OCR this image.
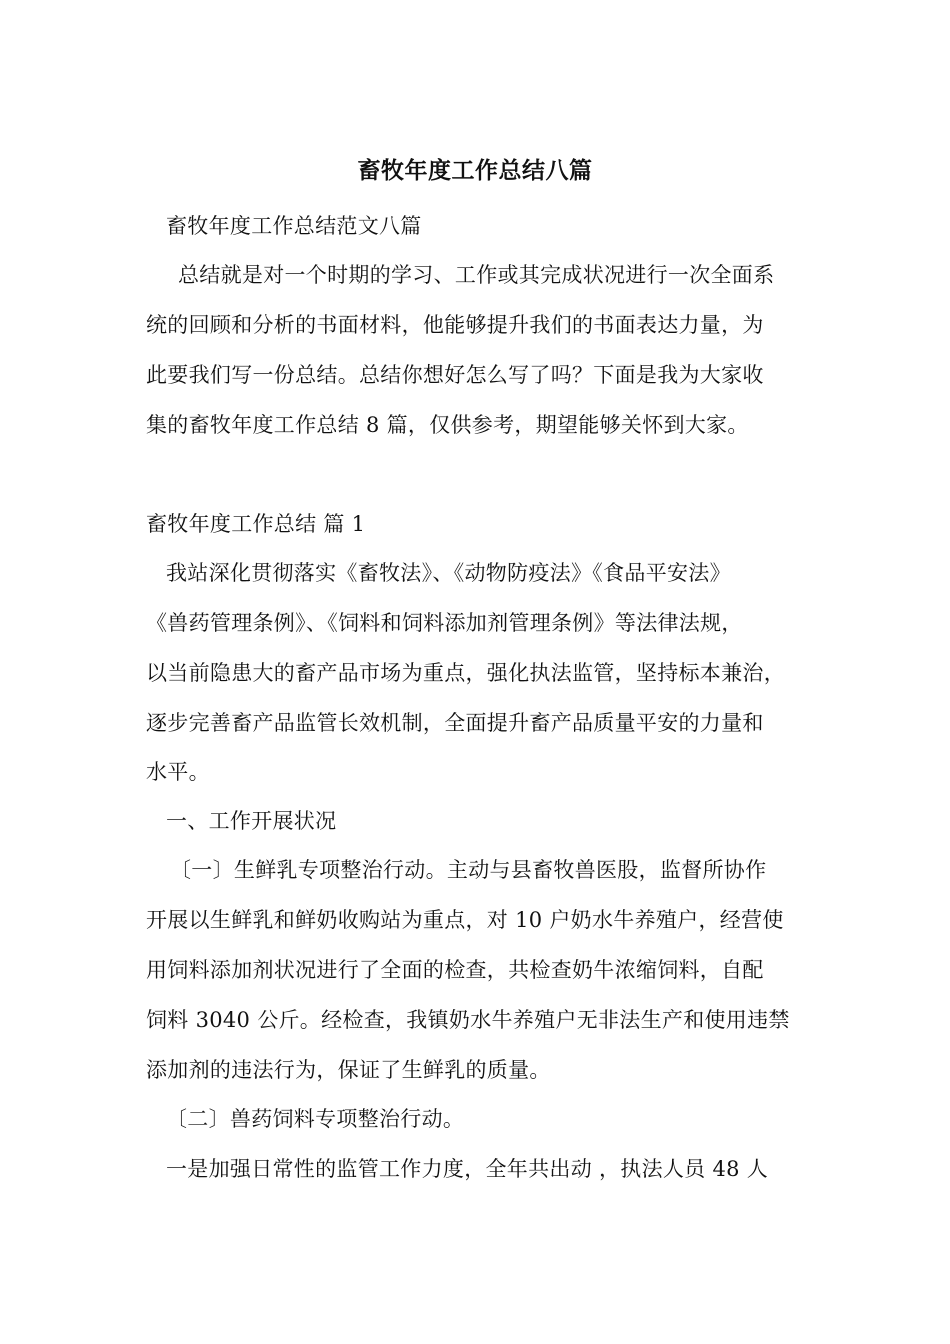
畜牧年度工作总结八篇
畜牧年度工作总结范文八篇
总结就是对一个时期的学习、工作或其完成状况进行一次全面系
统的回顾和分析的书面材料，他能够提升我们的书面表达力量，为
此要我们写一份总结。总结你想好怎么写了吗？下面是我为大家收
集的畜牧年度工作总结 8 篇，仅供参考，期望能够关怀到大家。
畜牧年度工作总结 篇 1
我站深化贯彻落实《畜牧法》、《动物防疫法》《食品平安法》
《兽药管理条例》、《饲料和饲料添加剂管理条例》等法律法规，
以当前隐患大的畜产品市场为重点，强化执法监管，坚持标本兼治，
逐步完善畜产品监管长效机制，全面提升畜产品质量平安的力量和
水平。
一、工作开展状况
〔一〕生鲜乳专项整治行动。主动与县畜牧兽医股，监督所协作
开展以生鲜乳和鲜奶收购站为重点，对 10 户奶水牛养殖户，经营使
用饲料添加剂状况进行了全面的检查，共检查奶牛浓缩饲料，自配
饲料 3040 公斤。经检查，我镇奶水牛养殖户无非法生产和使用违禁
添加剂的违法行为，保证了生鲜乳的质量。
〔二〕兽药饲料专项整治行动。
一是加强日常性的监管工作力度，全年共出动 ，执法人员 48 人
